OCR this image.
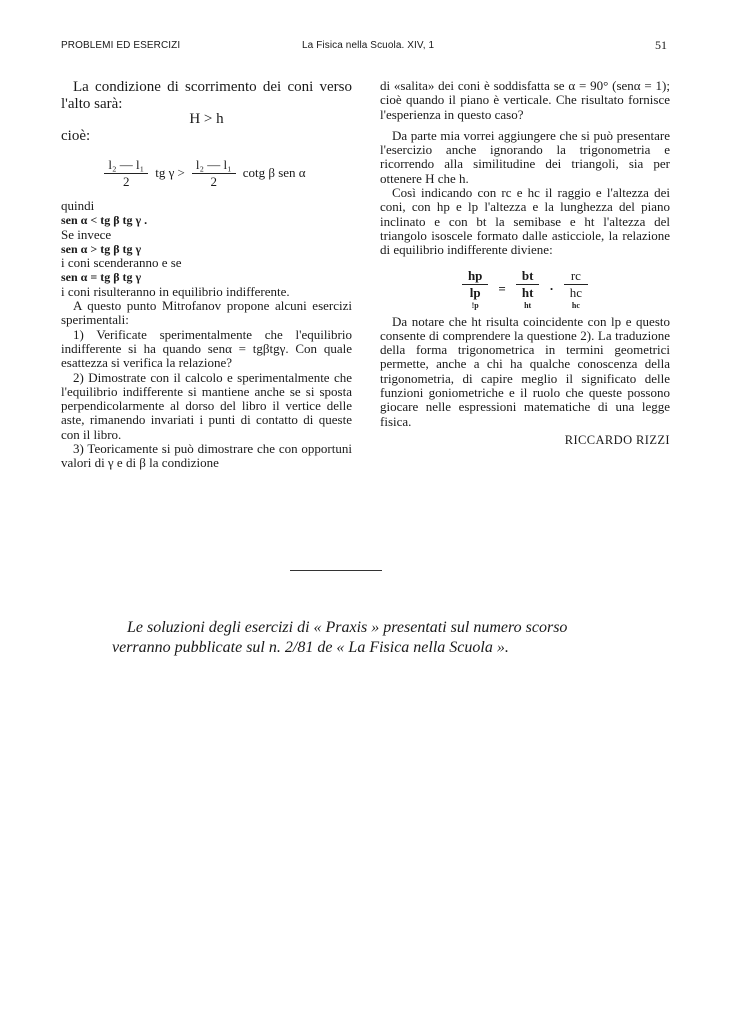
PROBLEMI ED ESERCIZI	La Fisica nella Scuola. XIV, 1	51

La condizione di scorrimento dei coni verso l'alto sarà:

H > h

cioè:

$\frac{\text{l₂ — l₁}}{2}$ tg $\gamma > \frac{\text{l₂ — l₁}}{2}$ cotg β sen α

quindi

sen α < tg β tg γ .

Se invece

sen α > tg β tg γ

i coni scenderanno e se

sen α = tg β tg γ

i coni risulteranno in equilibrio indifferente.

A questo punto Mitrofanov propone alcuni esercizi sperimentali:

1) Verificate sperimentalmente che l'equilibrio indifferente si ha quando senα = tgβtgγ. Con quale esattezza si verifica la relazione?

2) Dimostrate con il calcolo e sperimentalmente che l'equilibrio indifferente si mantiene anche se si sposta perpendicolarmente al dorso del libro il vertice delle aste, rimanendo invariati i punti di contatto di queste con il libro.

3) Teoricamente si può dimostrare che con opportuni valori di γ e di β la condizione

di «salita» dei coni è soddisfatta se α = 90° (senα = 1); cioè quando il piano è verticale. Che risultato fornisce l'esperienza in questo caso?

Da parte mia vorrei aggiungere che si può presentare l'esercizio anche ignorando la trigonometria e ricorrendo alla similitudine dei triangoli, sia per ottenere H che h.

Così indicando con rc e hc il raggio e l'altezza dei coni, con hp e lp l'altezza e la lunghezza del piano inclinato e con bt la semibase e ht l'altezza del triangolo isoscele formato dalle asticciole, la relazione di equilibrio indifferente diviene:

hp
lp
!p
=
bt
ht
ht
·
rc
hc
hc

Da notare che ht risulta coincidente con lp e questo consente di comprendere la questione 2). La traduzione della forma trigonometrica in termini geometrici permette, anche a chi ha qualche conoscenza della trigonometria, di capire meglio il significato delle funzioni goniometriche e il ruolo che queste possono giocare nelle espressioni matematiche di una legge fisica.

RICCARDO RIZZI

Le soluzioni degli esercizi di « Praxis » presentati sul numero scorso

verranno pubblicate sul n. 2/81 de « La Fisica nella Scuola ».
